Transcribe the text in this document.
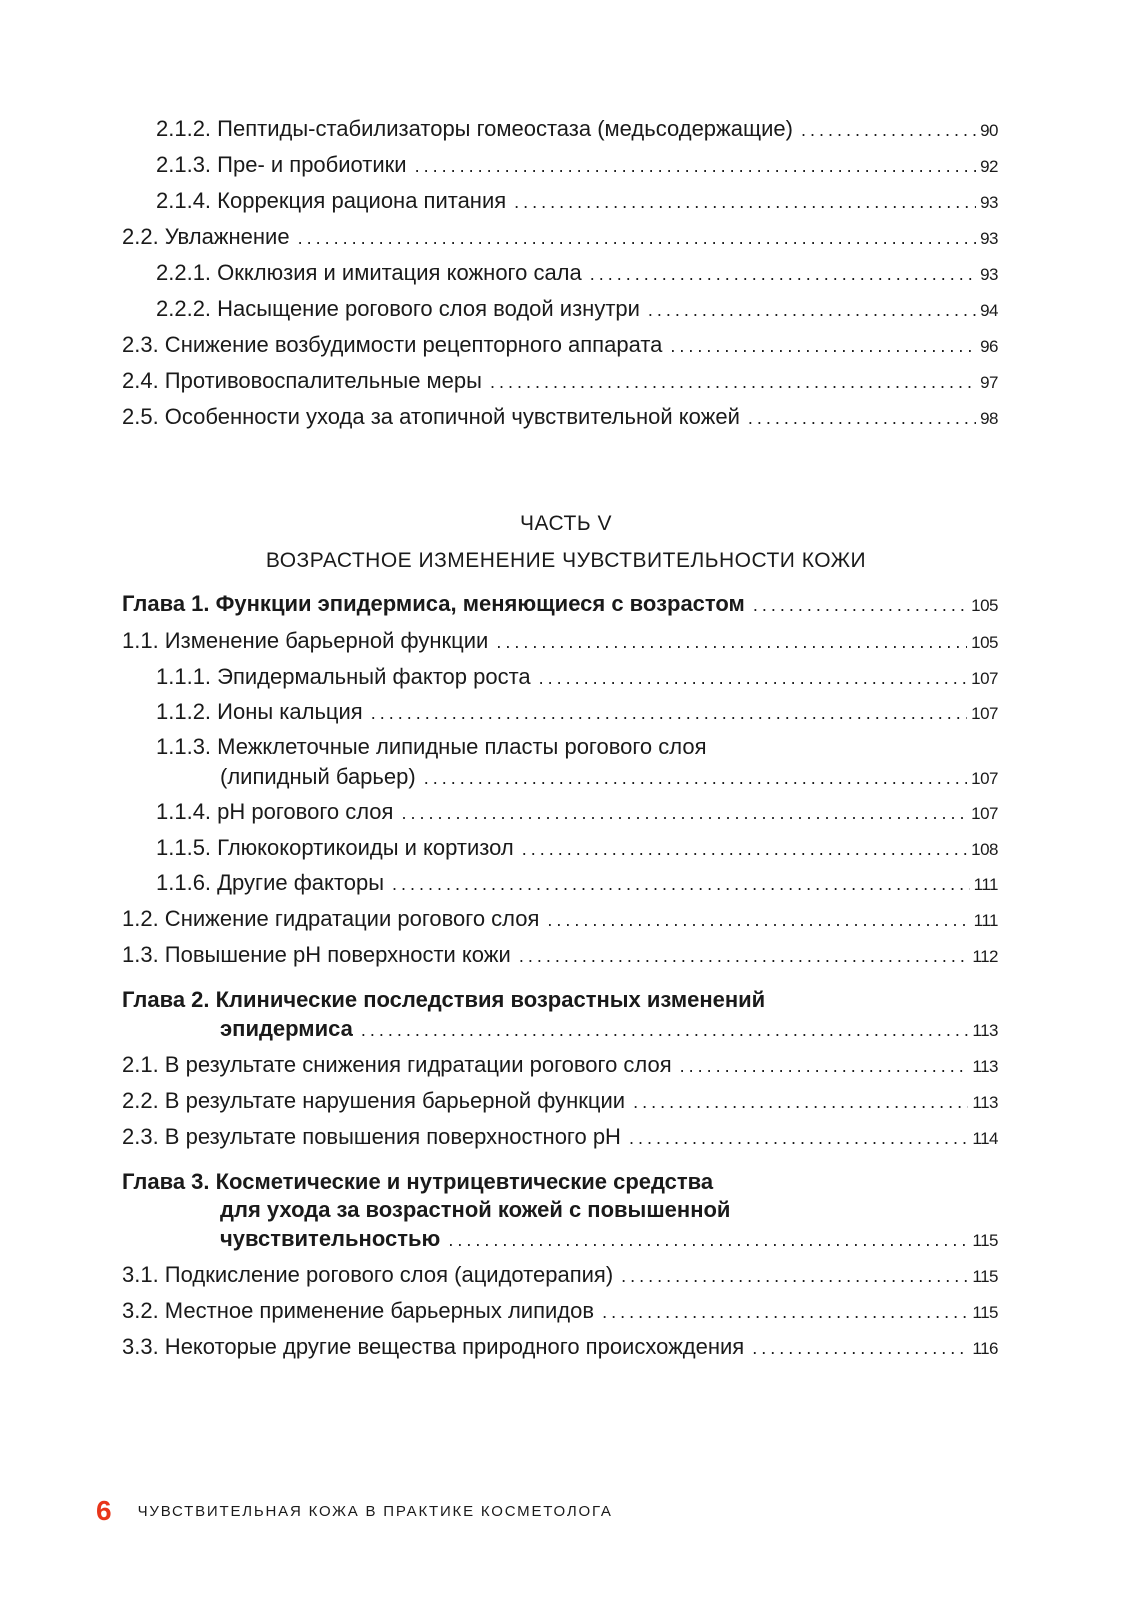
2.1.2. Пептиды-стабилизаторы гомеостаза (медьсодержащие) .....	90
2.1.3. Пре- и пробиотики .....	92
2.1.4. Коррекция рациона питания .....	93
2.2. Увлажнение .....	93
2.2.1. Окклюзия и имитация кожного сала .....	93
2.2.2. Насыщение рогового слоя водой изнутри .....	94
2.3. Снижение возбудимости рецепторного аппарата .....	96
2.4. Противовоспалительные меры .....	97
2.5. Особенности ухода за атопичной чувствительной кожей .....	98
ЧАСТЬ V
ВОЗРАСТНОЕ ИЗМЕНЕНИЕ ЧУВСТВИТЕЛЬНОСТИ КОЖИ
Глава 1. Функции эпидермиса, меняющиеся с возрастом .....	105
1.1. Изменение барьерной функции .....	105
1.1.1. Эпидермальный фактор роста .....	107
1.1.2. Ионы кальция .....	107
1.1.3. Межклеточные липидные пласты рогового слоя
(липидный барьер) .....	107
1.1.4. pH рогового слоя .....	107
1.1.5. Глюкокортикоиды и кортизол .....	108
1.1.6. Другие факторы .....	111
1.2. Снижение гидратации рогового слоя .....	111
1.3. Повышение pH поверхности кожи .....	112
Глава 2. Клинические последствия возрастных изменений
эпидермиса .....	113
2.1. В результате снижения гидратации рогового слоя .....	113
2.2. В результате нарушения барьерной функции .....	113
2.3. В результате повышения поверхностного pH .....	114
Глава 3. Косметические и нутрицевтические средства
для ухода за возрастной кожей с повышенной
чувствительностью .....	115
3.1. Подкисление рогового слоя (ацидотерапия) .....	115
3.2. Местное применение барьерных липидов .....	115
3.3. Некоторые другие вещества природного происхождения .....	116
6 ЧУВСТВИТЕЛЬНАЯ КОЖА В ПРАКТИКЕ КОСМЕТОЛОГА
